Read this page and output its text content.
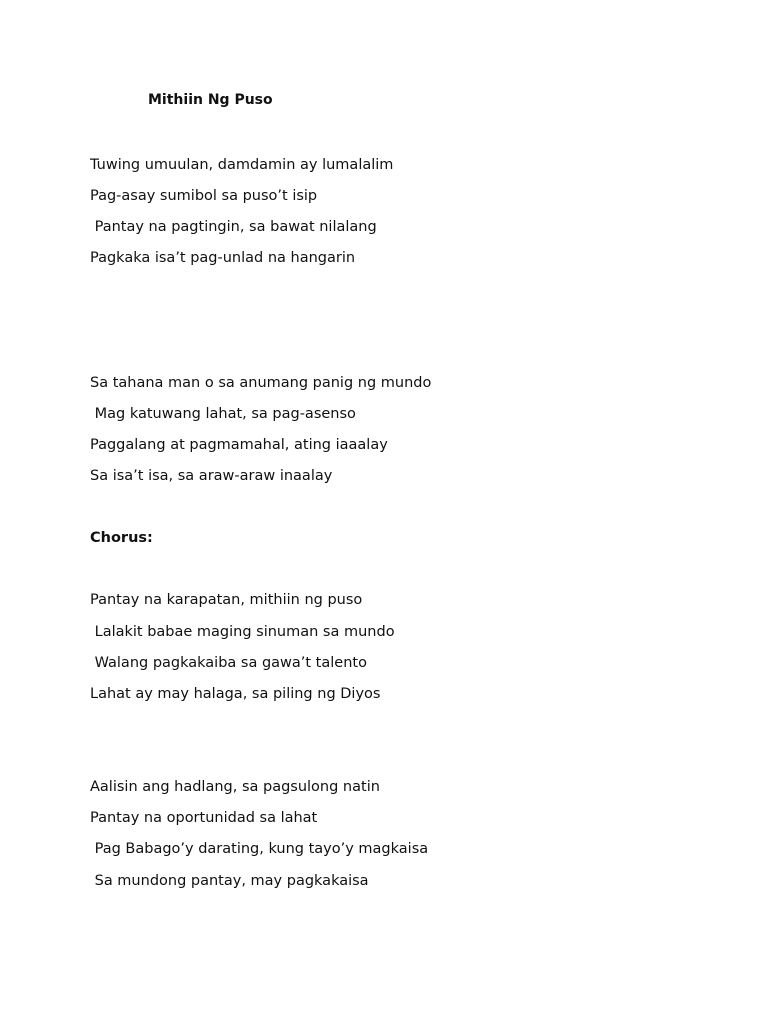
Mithiin Ng Puso
Tuwing umuulan, damdamin ay lumalalim
Pag-asay sumibol sa puso’t isip
Pantay na pagtingin, sa bawat nilalang
Pagkaka isa’t pag-unlad na hangarin
Sa tahana man o sa anumang panig ng mundo
Mag katuwang lahat, sa pag-asenso
Paggalang at pagmamahal, ating iaaalay
Sa isa’t isa, sa araw-araw inaalay
Chorus:
Pantay na karapatan, mithiin ng puso
Lalakit babae maging sinuman sa mundo
Walang pagkakaiba sa gawa’t talento
Lahat ay may halaga, sa piling ng Diyos
Aalisin ang hadlang, sa pagsulong natin
Pantay na oportunidad sa lahat
Pag Babago’y darating, kung tayo’y magkaisa
Sa mundong pantay, may pagkakaisa
